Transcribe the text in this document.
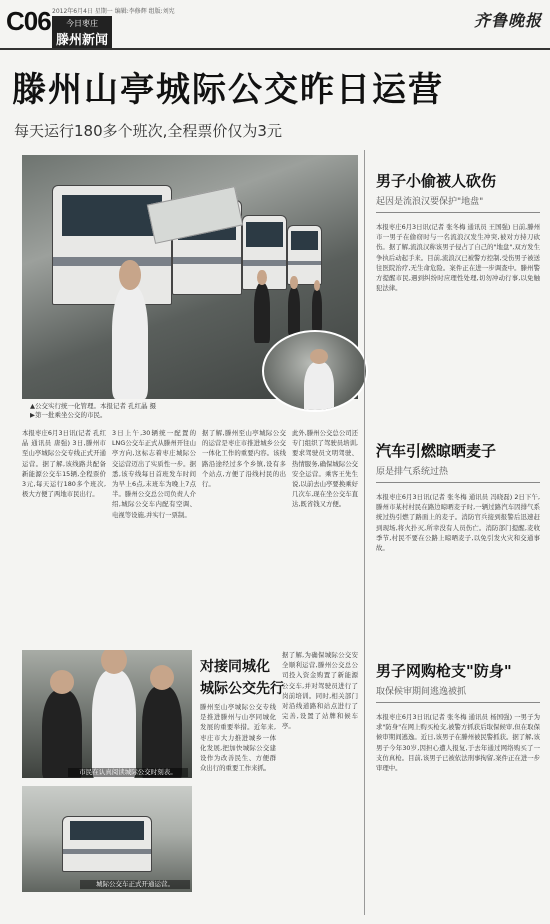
C06 2012年6月4日 星期一 编辑:李修辉 组版:刘宪
今日枣庄
滕州新闻
齐鲁晚报
滕州山亭城际公交昨日运营
每天运行180多个班次,全程票价仅为3元
▲公交实行统一化管理。本报记者 孔红晶 摄
▶第一批乘坐公交的市民。
本报枣庄6月3日讯(记者 孔红晶 通讯员 唐强) 3日,滕州市至山亭城际公交专线正式开通运营。据了解,该线路共配备新能源公交车15辆,全程票价3元,每天运行180多个班次,极大方便了两地市民出行。
3日上午,30辆统一配置的LNG公交车正式从滕州开往山亭方向,这标志着枣庄城际公交运营迈出了实质性一步。据悉,该专线每日首班发车时间为早上6点,末班车为晚上7点半。滕州公交总公司负责人介绍,城际公交车内配有空调、电视等设施,并实行一票制。
据了解,滕州至山亭城际公交的运营是枣庄市推进城乡公交一体化工作的重要内容。该线路沿途经过多个乡镇,设有多个站点,方便了沿线村民的出行。
此外,滕州公交总公司还专门组织了驾驶员培训,要求驾驶员文明驾驶、热情服务,确保城际公交安全运营。乘客王先生说,以前去山亭要换乘好几次车,现在坐公交车直达,既省钱又方便。
男子小偷被人砍伤
起因是流浪汉要保护"地盘"
本报枣庄6月3日讯(记者 张冬梅 通讯员 王国强) 日前,滕州市一男子在偷窃时与一名流浪汉发生冲突,被对方持刀砍伤。据了解,流浪汉称该男子侵占了自己的"地盘",双方发生争执后动起手来。目前,流浪汉已被警方控制,受伤男子被送往医院治疗,无生命危险。案件正在进一步调查中。滕州警方提醒市民,遇到纠纷时应理性处理,切勿冲动行事,以免触犯法律。
汽车引燃晾晒麦子
原是排气系统过热
本报枣庄6月3日讯(记者 张冬梅 通讯员 冯晓磊) 2日下午,滕州市某村村民在路边晾晒麦子时,一辆过路汽车因排气系统过热引燃了路面上的麦子。消防官兵接到报警后迅速赶到现场,将火扑灭,所幸没有人员伤亡。消防部门提醒,麦收季节,村民不要在公路上晾晒麦子,以免引发火灾和交通事故。
男子网购枪支"防身"
取保候审期间逃逸被抓
本报枣庄6月3日讯(记者 张冬梅 通讯员 杨国强) 一男子为求"防身"在网上购买枪支,被警方抓获后取保候审,但在取保候审期间逃逸。近日,该男子在滕州被民警抓获。据了解,该男子今年30岁,因担心遭人报复,于去年通过网络购买了一支仿真枪。目前,该男子已被依法刑事拘留,案件正在进一步审理中。
市民在认真阅读城际公交时刻表。
城际公交车正式开通运营。
对接同城化
城际公交先行
滕州至山亭城际公交专线是推进滕州与山亭同城化发展的重要举措。近年来,枣庄市大力推进城乡一体化发展,把加快城际公交建设作为改善民生、方便群众出行的重要工作来抓。
据了解,为确保城际公交安全顺利运营,滕州公交总公司投入资金购置了新能源公交车,并对驾驶员进行了岗前培训。同时,相关部门对沿线道路和站点进行了完善,设置了站牌和候车亭。
